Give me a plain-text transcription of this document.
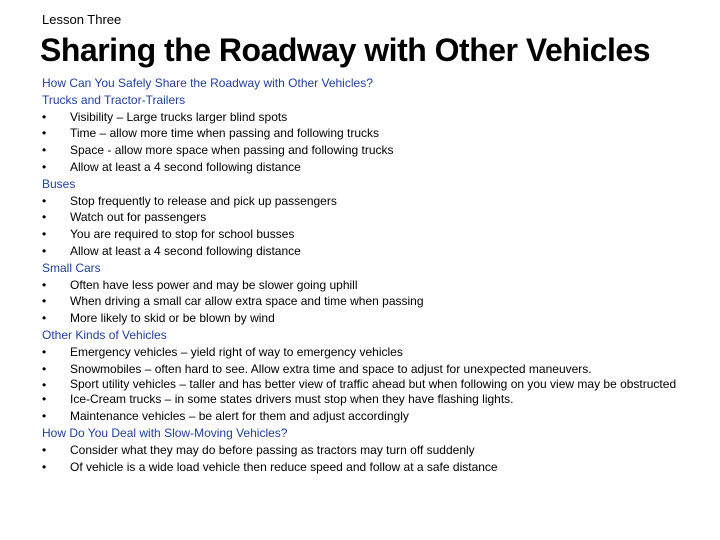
Lesson Three
Sharing the Roadway with Other Vehicles
How Can You Safely Share the Roadway with Other Vehicles?
Trucks and Tractor-Trailers
•	Visibility – Large trucks larger blind spots
•	Time – allow more time when passing and following trucks
•	Space - allow more space when passing and following trucks
•	Allow at least a 4 second following distance
Buses
•	Stop frequently to release and pick up passengers
•	Watch out for passengers
•	You are required to stop for school busses
•	Allow at least a 4 second following distance
Small Cars
•	Often have less power and may be slower going uphill
•	When driving a small car allow extra space and time when passing
•	More likely to skid or be blown by wind
Other Kinds of Vehicles
•	Emergency vehicles – yield right of way to emergency vehicles
•	Snowmobiles – often hard to see. Allow extra time and space to adjust for unexpected maneuvers.
•	Sport utility vehicles – taller and has better view of traffic ahead but when following on you view may be obstructed
•	Ice-Cream trucks – in some states drivers must stop when they have flashing lights.
•	Maintenance vehicles – be alert for them and adjust accordingly
How Do You Deal with Slow-Moving Vehicles?
•	Consider what they may do before passing as tractors may turn off suddenly
•	Of vehicle is a wide load vehicle then reduce speed and follow at a safe distance
